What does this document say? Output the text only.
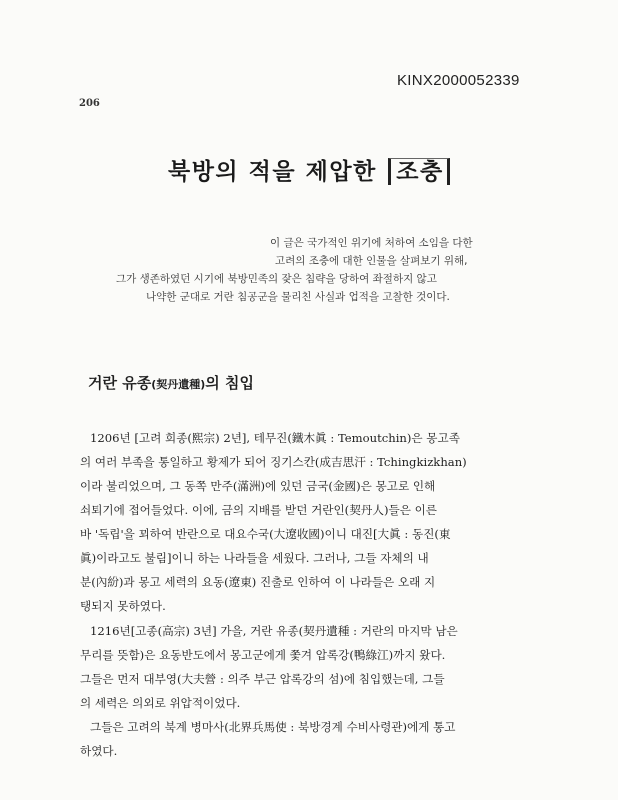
KINX2000052339
206
북방의 적을 제압한 조충
이 글은 국가적인 위기에 처하여 소임을 다한
고려의 조충에 대한 인물을 살펴보기 위해,
그가 생존하였던 시기에 북방민족의 잦은 침략을 당하여 좌절하지 않고
나약한 군대로 거란 침공군을 물리친 사실과 업적을 고찰한 것이다.
거란 유종(契丹遺種)의 침입
1206년 [고려 희종(熙宗) 2년], 테무진(鐵木眞 : Temoutchin)은 몽고족
의 여러 부족을 통일하고 황제가 되어 징기스칸(成吉思汗 : Tchingkizkhan)
이라 불리었으며, 그 동쪽 만주(滿洲)에 있던 금국(金國)은 몽고로 인해
쇠퇴기에 접어들었다. 이에, 금의 지배를 받던 거란인(契丹人)들은 이른
바 '독립'을 꾀하여 반란으로 대요수국(大遼收國)이니 대진[大眞 : 동진(東
眞)이라고도 불림]이니 하는 나라들을 세웠다. 그러나, 그들 자체의 내
분(內紛)과 몽고 세력의 요동(遼東) 진출로 인하여 이 나라들은 오래 지
탱되지 못하였다.
1216년[고종(高宗) 3년] 가을, 거란 유종(契丹遺種 : 거란의 마지막 남은
무리를 뜻함)은 요동반도에서 몽고군에게 쫓겨 압록강(鴨綠江)까지 왔다.
그들은 먼저 대부영(大夫營 : 의주 부근 압록강의 섬)에 침입했는데, 그들
의 세력은 의외로 위압적이었다.
그들은 고려의 북계 병마사(北界兵馬使 : 북방경계 수비사령관)에게 통고
하였다.
